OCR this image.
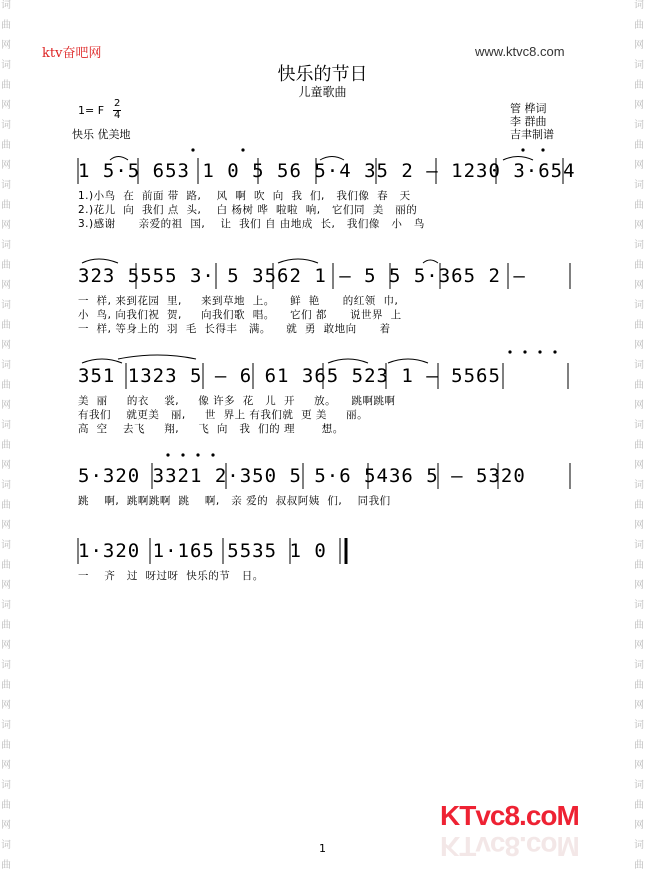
词
曲
网
词
曲
网
词
曲
网
词
曲
网
词
曲
网
词
曲
网
词
曲
网
词
曲
网
词
曲
网
词
曲
网
词
曲
网
词
曲
网
词
曲
网
词
曲
网
词
曲
词
曲
网
词
曲
网
词
曲
网
词
曲
网
词
曲
网
词
曲
网
词
曲
网
词
曲
网
词
曲
网
词
曲
网
词
曲
网
词
曲
网
词
曲
网
词
曲
网
词
曲
ktv奋吧网	www.ktvc8.com
快乐的节日
儿童歌曲
1= F
2
4
快乐 优美地
管 桦词
李 群曲
吉聿制谱
1 5·5 653 1 0 5 56 5·4 35 2 – 1230 3·654
1.)小鸟  在  前面 带  路,    风  啊  吹  向  我  们,   我们像  春   天
2.)花儿  向  我们 点  头,    白 杨树 哗  啦啦  响,   它们同  美   丽的
3.)感谢      亲爱的祖  国,    让  我们 自 由地成  长,   我们像   小   鸟
323 5555 3· 5 3562 1 – 5 5 5·365 2 –
一  样, 来到花园  里,     来到草地  上。    鲜  艳      的红领  巾,
小  鸟, 向我们祝  贺,     向我们歌  唱。    它们 都      说世界  上
一  样, 等身上的  羽  毛  长得丰   满。    就  勇  敢地向      着
351 1323 5 – 6 61 365 523 1 – 5565
美  丽     的衣    裳,     像 许多  花   儿  开     放。    跳啊跳啊
有我们    就更美   丽,     世  界上 有我们就  更 美     丽。
高  空    去飞     翔,     飞  向   我  们的 理       想。
5·320 3321 2·350 5 5·6 5436 5 – 5320
跳    啊,  跳啊跳啊  跳    啊,   亲 爱的  叔叔阿姨  们,    同我们
1·320 1·165 5535 1 0
一    齐   过  呀过呀  快乐的节   日。
KTvc8.coM
KTvc8.coM
1
